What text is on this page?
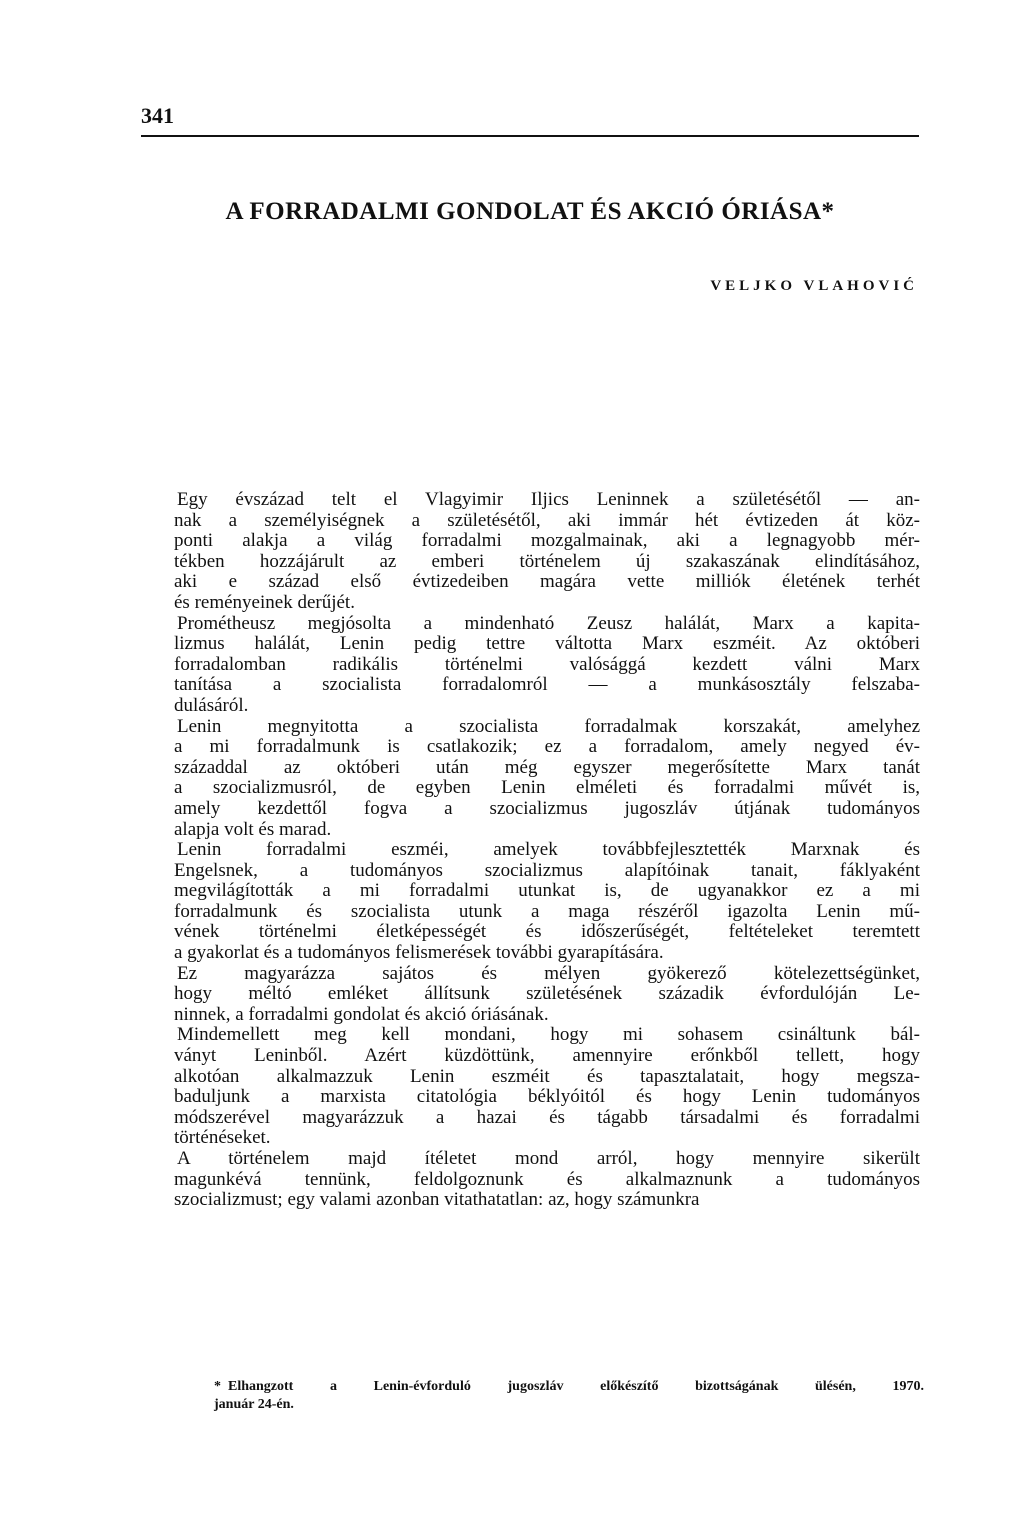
341
A FORRADALMI GONDOLAT ÉS AKCIÓ ÓRIÁSA*
VELJKO VLAHOVIĆ
Egy évszázad telt el Vlagyimir Iljics Leninnek a születésétől — an-
nak a személyiségnek a születésétől, aki immár hét évtizeden át köz-
ponti alakja a világ forradalmi mozgalmainak, aki a legnagyobb mér-
tékben hozzájárult az emberi történelem új szakaszának elindításához,
aki e század első évtizedeiben magára vette milliók életének terhét
és reményeinek derűjét.
Prométheusz megjósolta a mindenható Zeusz halálát, Marx a kapita-
lizmus halálát, Lenin pedig tettre váltotta Marx eszméit. Az októberi
forradalomban radikális történelmi valósággá kezdett válni Marx
tanítása a szocialista forradalomról — a munkásosztály felszaba-
dulásáról.
Lenin megnyitotta a szocialista forradalmak korszakát, amelyhez
a mi forradalmunk is csatlakozik; ez a forradalom, amely negyed év-
századdal az októberi után még egyszer megerősítette Marx tanát
a szocializmusról, de egyben Lenin elméleti és forradalmi művét is,
amely kezdettől fogva a szocializmus jugoszláv útjának tudományos
alapja volt és marad.
Lenin forradalmi eszméi, amelyek továbbfejlesztették Marxnak és
Engelsnek, a tudományos szocializmus alapítóinak tanait, fáklyaként
megvilágították a mi forradalmi utunkat is, de ugyanakkor ez a mi
forradalmunk és szocialista utunk a maga részéről igazolta Lenin mű-
vének történelmi életképességét és időszerűségét, feltételeket teremtett
a gyakorlat és a tudományos felismerések további gyarapítására.
Ez magyarázza sajátos és mélyen gyökerező kötelezettségünket,
hogy méltó emléket állítsunk születésének századik évfordulóján Le-
ninnek, a forradalmi gondolat és akció óriásának.
Mindemellett meg kell mondani, hogy mi sohasem csináltunk bál-
ványt Leninből. Azért küzdöttünk, amennyire erőnkből tellett, hogy
alkotóan alkalmazzuk Lenin eszméit és tapasztalatait, hogy megsza-
baduljunk a marxista citatológia béklyóitól és hogy Lenin tudományos
módszerével magyarázzuk a hazai és tágabb társadalmi és forradalmi
történéseket.
A történelem majd ítéletet mond arról, hogy mennyire sikerült
magunkévá tennünk, feldolgoznunk és alkalmaznunk a tudományos
szocializmust; egy valami azonban vitathatatlan: az, hogy számunkra
* Elhangzott a Lenin-évforduló jugoszláv előkészítő bizottságának ülésén, 1970.
január 24-én.
